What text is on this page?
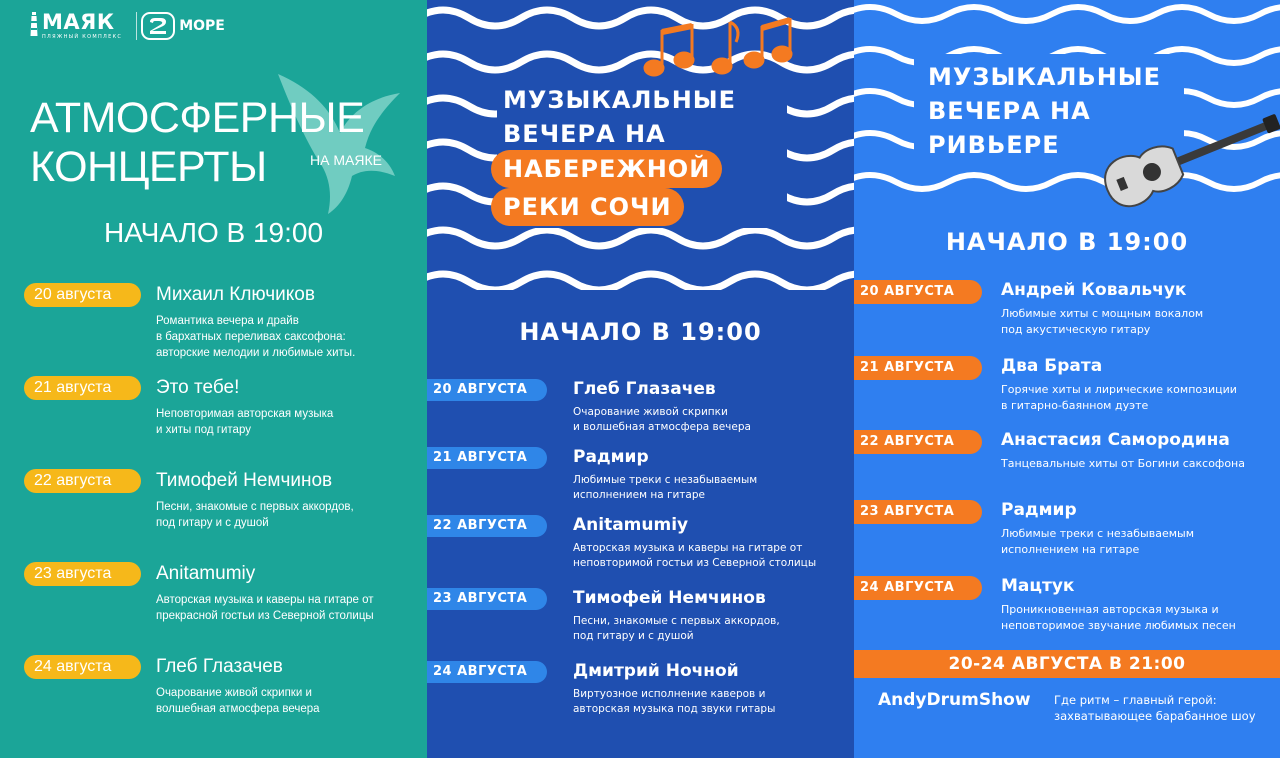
МАЯК
ПЛЯЖНЫЙ КОМПЛЕКС
МОРЕ
АТМОСФЕРНЫЕ
КОНЦЕРТЫ	НА МАЯКЕ
НАЧАЛО В 19:00
20 августа	Михаил Ключиков
Романтика вечера и драйв
в бархатных переливах саксофона:
авторские мелодии и любимые хиты.
21 августа	Это тебе!
Неповторимая авторская музыка
и хиты под гитару
22 августа	Тимофей Немчинов
Песни, знакомые с первых аккордов,
под гитару и с душой
23 августа	Anitamumiy
Авторская музыка и каверы на гитаре от
прекрасной гостьи из Северной столицы
24 августа	Глеб Глазачев
Очарование живой скрипки и
волшебная атмосфера вечера
МУЗЫКАЛЬНЫЕ
ВЕЧЕРА НА
НАБЕРЕЖНОЙ
РЕКИ СОЧИ
НАЧАЛО В 19:00
20 АВГУСТА	Глеб Глазачев
Очарование живой скрипки
и волшебная атмосфера вечера
21 АВГУСТА	Радмир
Любимые треки с незабываемым
исполнением на гитаре
22 АВГУСТА	Anitamumiy
Авторская музыка и каверы на гитаре от
неповторимой гостьи из Северной столицы
23 АВГУСТА	Тимофей Немчинов
Песни, знакомые с первых аккордов,
под гитару и с душой
24 АВГУСТА	Дмитрий Ночной
Виртуозное исполнение каверов и
авторская музыка под звуки гитары
МУЗЫКАЛЬНЫЕ
ВЕЧЕРА НА
РИВЬЕРЕ
НАЧАЛО В 19:00
20 АВГУСТА	Андрей Ковальчук
Любимые хиты с мощным вокалом
под акустическую гитару
21 АВГУСТА	Два Брата
Горячие хиты и лирические композиции
в гитарно-баянном дуэте
22 АВГУСТА	Анастасия Самородина
Танцевальные хиты от Богини саксофона
23 АВГУСТА	Радмир
Любимые треки с незабываемым
исполнением на гитаре
24 АВГУСТА	Мацтук
Проникновенная авторская музыка и
неповторимое звучание любимых песен
20-24 АВГУСТА В 21:00
AndyDrumShow Где ритм – главный герой:
захватывающее барабанное шоу
